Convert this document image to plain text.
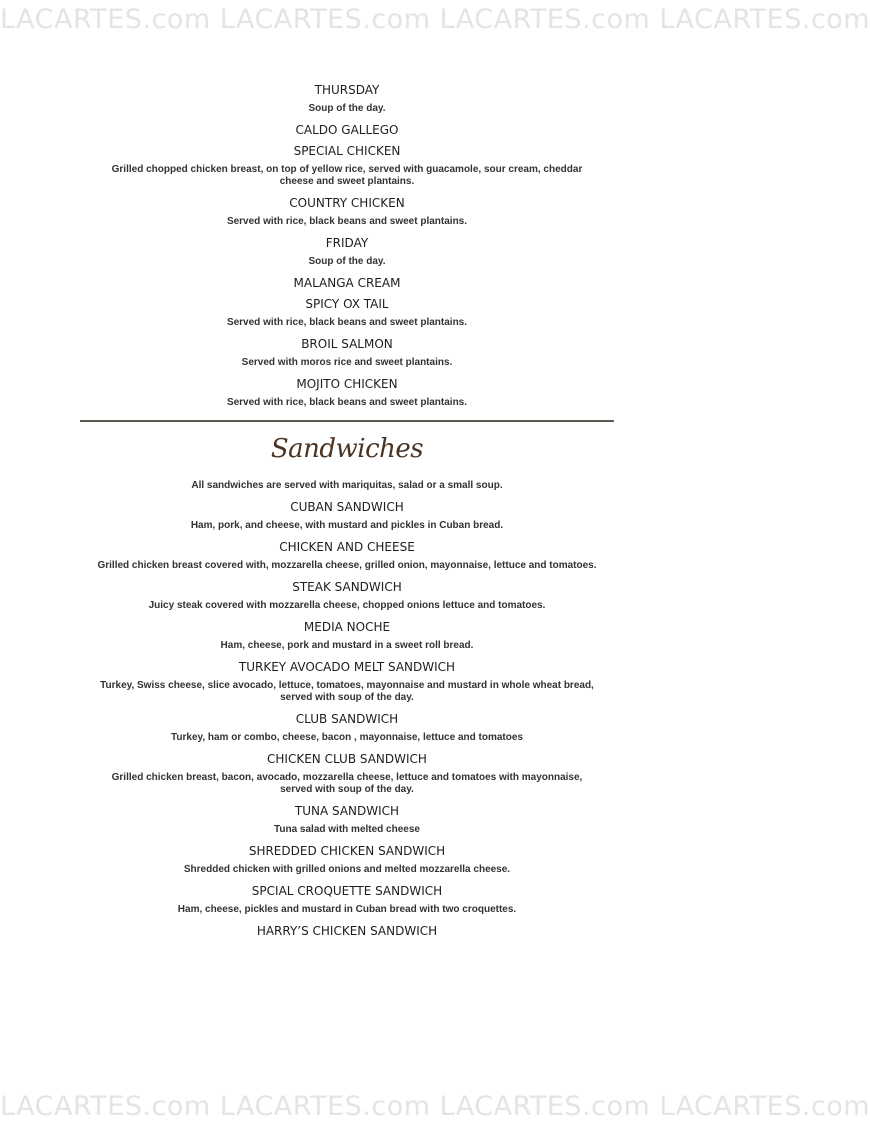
LACARTES.com LACARTES.com LACARTES.com LACARTES.com
LACARTES.com LACARTES.com LACARTES.com LACARTES.com
THURSDAY
Soup of the day.
CALDO GALLEGO
SPECIAL CHICKEN
Grilled chopped chicken breast, on top of yellow rice, served with guacamole, sour cream, cheddar
cheese and sweet plantains.
COUNTRY CHICKEN
Served with rice, black beans and sweet plantains.
FRIDAY
Soup of the day.
MALANGA CREAM
SPICY OX TAIL
Served with rice, black beans and sweet plantains.
BROIL SALMON
Served with moros rice and sweet plantains.
MOJITO CHICKEN
Served with rice, black beans and sweet plantains.
Sandwiches
All sandwiches are served with mariquitas, salad or a small soup.
CUBAN SANDWICH
Ham, pork, and cheese, with mustard and pickles in Cuban bread.
CHICKEN AND CHEESE
Grilled chicken breast covered with, mozzarella cheese, grilled onion, mayonnaise, lettuce and tomatoes.
STEAK SANDWICH
Juicy steak covered with mozzarella cheese, chopped onions lettuce and tomatoes.
MEDIA NOCHE
Ham, cheese, pork and mustard in a sweet roll bread.
TURKEY AVOCADO MELT SANDWICH
Turkey, Swiss cheese, slice avocado, lettuce, tomatoes, mayonnaise and mustard in whole wheat bread,
served with soup of the day.
CLUB SANDWICH
Turkey, ham or combo, cheese, bacon , mayonnaise, lettuce and tomatoes
CHICKEN CLUB SANDWICH
Grilled chicken breast, bacon, avocado, mozzarella cheese, lettuce and tomatoes with mayonnaise,
served with soup of the day.
TUNA SANDWICH
Tuna salad with melted cheese
SHREDDED CHICKEN SANDWICH
Shredded chicken with grilled onions and melted mozzarella cheese.
SPCIAL CROQUETTE SANDWICH
Ham, cheese, pickles and mustard in Cuban bread with two croquettes.
HARRY’S CHICKEN SANDWICH
